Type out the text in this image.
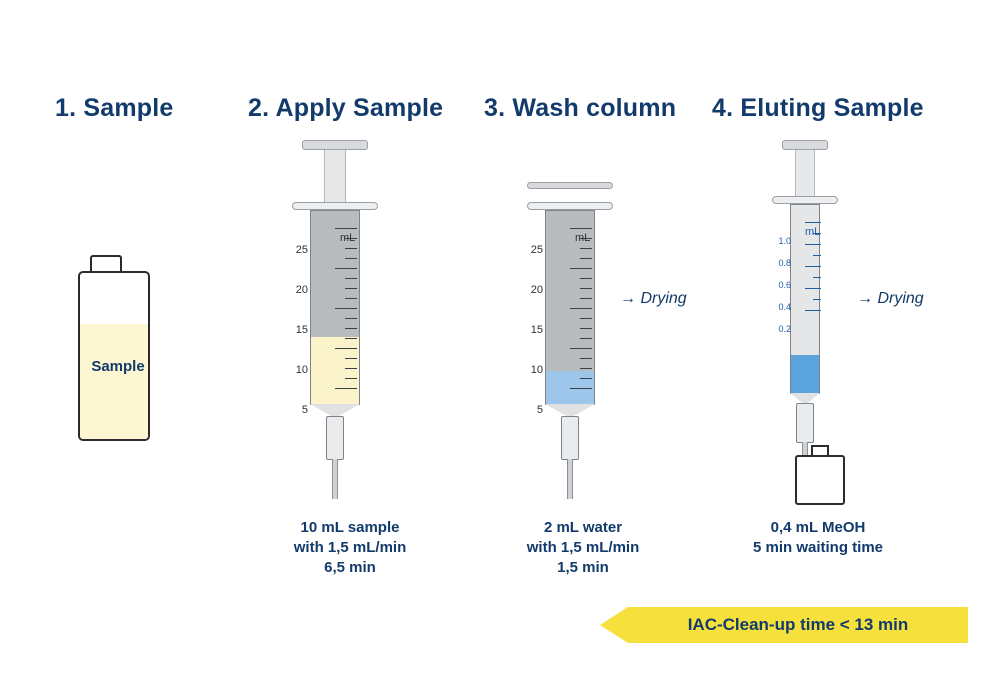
1. Sample	2. Apply Sample 3. Wash column 4. Eluting Sample
Sample
mL
25
20
15
10
5
mL
25
20
15
10
5
mL
1.0
0.8
0.6
0.4
0.2
→ Drying	→ Drying
10 mL sample
with 1,5 mL/min
6,5 min
2 mL water
with 1,5 mL/min
1,5 min
0,4 mL MeOH
5 min waiting time
IAC-Clean-up time < 13 min
